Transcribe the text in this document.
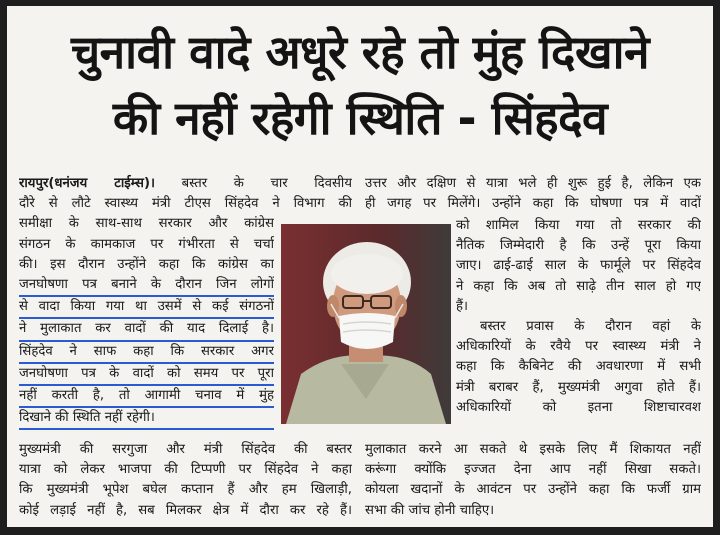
चुनावी वादे अधूरे रहे तो मुंह दिखाने
की नहीं रहेगी स्थिति - सिंहदेव
रायपुर(धनंजय टाईम्स)। बस्तर के चार दिवसीय
दौरे से लौटे स्वास्थ्य मंत्री टीएस सिंहदेव ने विभाग की
समीक्षा के साथ-साथ सरकार और कांग्रेस
संगठन के कामकाज पर गंभीरता से चर्चा
की। इस दौरान उन्होंने कहा कि कांग्रेस का
जनघोषणा पत्र बनाने के दौरान जिन लोगों
से वादा किया गया था उसमें से कई संगठनों
ने मुलाकात कर वादों की याद दिलाई है।
सिंहदेव ने साफ कहा कि सरकार अगर
जनघोषणा पत्र के वादों को समय पर पूरा
नहीं करती है, तो आगामी चनाव में मुंह
दिखाने की स्थिति नहीं रहेगी।
मुख्यमंत्री की सरगुजा और मंत्री सिंहदेव की बस्तर
यात्रा को लेकर भाजपा की टिप्पणी पर सिंहदेव ने कहा
कि मुख्यमंत्री भूपेश बघेल कप्तान हैं और हम खिलाड़ी,
कोई लड़ाई नहीं है, सब मिलकर क्षेत्र में दौरा कर रहे हैं।
उत्तर और दक्षिण से यात्रा भले ही शुरू हुई है, लेकिन एक
ही जगह पर मिलेंगे। उन्होंने कहा कि घोषणा पत्र में वादों
को शामिल किया गया तो सरकार की
नैतिक जिम्मेदारी है कि उन्हें पूरा किया
जाए। ढाई-ढाई साल के फार्मूले पर सिंहदेव
ने कहा कि अब तो साढ़े तीन साल हो गए
हैं।
बस्तर प्रवास के दौरान वहां के
अधिकारियों के रवैये पर स्वास्थ्य मंत्री ने
कहा कि कैबिनेट की अवधारणा में सभी
मंत्री बराबर हैं, मुख्यमंत्री अगुवा होते हैं।
अधिकारियों को इतना शिष्टाचारवश
मुलाकात करने आ सकते थे इसके लिए मैं शिकायत नहीं
करूंगा क्योंकि इज्जत देना आप नहीं सिखा सकते।
कोयला खदानों के आवंटन पर उन्होंने कहा कि फर्जी ग्राम
सभा की जांच होनी चाहिए।
